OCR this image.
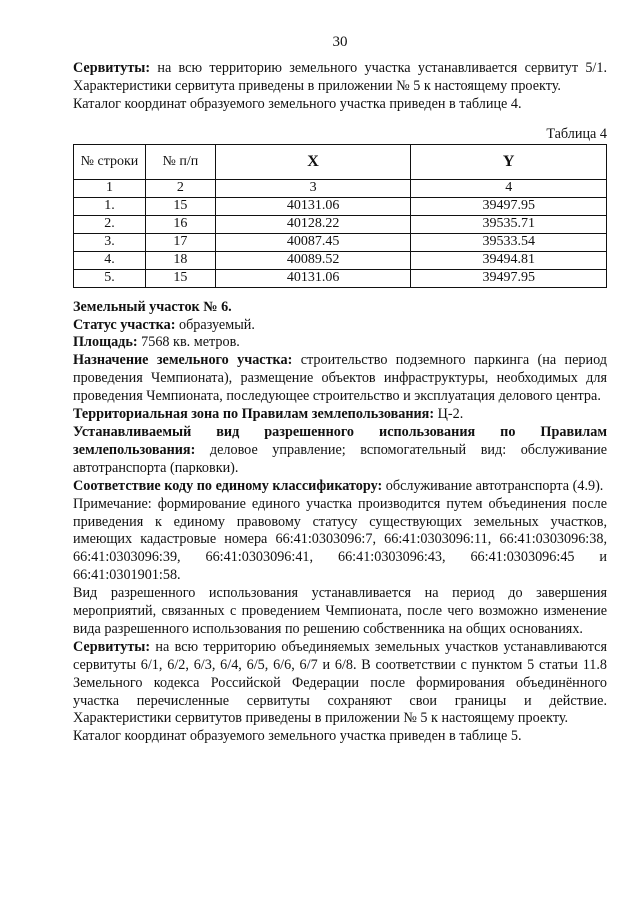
30

Сервитуты: на всю территорию земельного участка устанавливается сервитут 5/1. Характеристики сервитута приведены в приложении № 5 к настоящему проекту.

Каталог координат образуемого земельного участка приведен в таблице 4.

Таблица 4
№ строки	№ п/п	X	Y
1	2	3	4
1.	15	40131.06	39497.95
2.	16	40128.22	39535.71
3.	17	40087.45	39533.54
4.	18	40089.52	39494.81
5.	15	40131.06	39497.95

Земельный участок № 6.

Статус участка: образуемый.

Площадь: 7568 кв. метров.

Назначение земельного участка: строительство подземного паркинга (на период проведения Чемпионата), размещение объектов инфраструктуры, необходимых для проведения Чемпионата, последующее строительство и эксплуатация делового центра.

Территориальная зона по Правилам землепользования: Ц-2.

Устанавливаемый вид разрешенного использования по Правилам землепользования: деловое управление; вспомогательный вид: обслуживание автотранспорта (парковки).

Соответствие коду по единому классификатору: обслуживание автотранспорта (4.9).

Примечание: формирование единого участка производится путем объединения после приведения к единому правовому статусу существующих земельных участков, имеющих кадастровые номера 66:41:0303096:7, 66:41:0303096:11, 66:41:0303096:38, 66:41:0303096:39, 66:41:0303096:41, 66:41:0303096:43, 66:41:0303096:45 и 66:41:0301901:58.

Вид разрешенного использования устанавливается на период до завершения мероприятий, связанных с проведением Чемпионата, после чего возможно изменение вида разрешенного использования по решению собственника на общих основаниях.

Сервитуты: на всю территорию объединяемых земельных участков устанавливаются сервитуты 6/1, 6/2, 6/3, 6/4, 6/5, 6/6, 6/7 и 6/8. В соответствии с пунктом 5 статьи 11.8 Земельного кодекса Российской Федерации после формирования объединённого участка перечисленные сервитуты сохраняют свои границы и действие. Характеристики сервитутов приведены в приложении № 5 к настоящему проекту.

Каталог координат образуемого земельного участка приведен в таблице 5.
